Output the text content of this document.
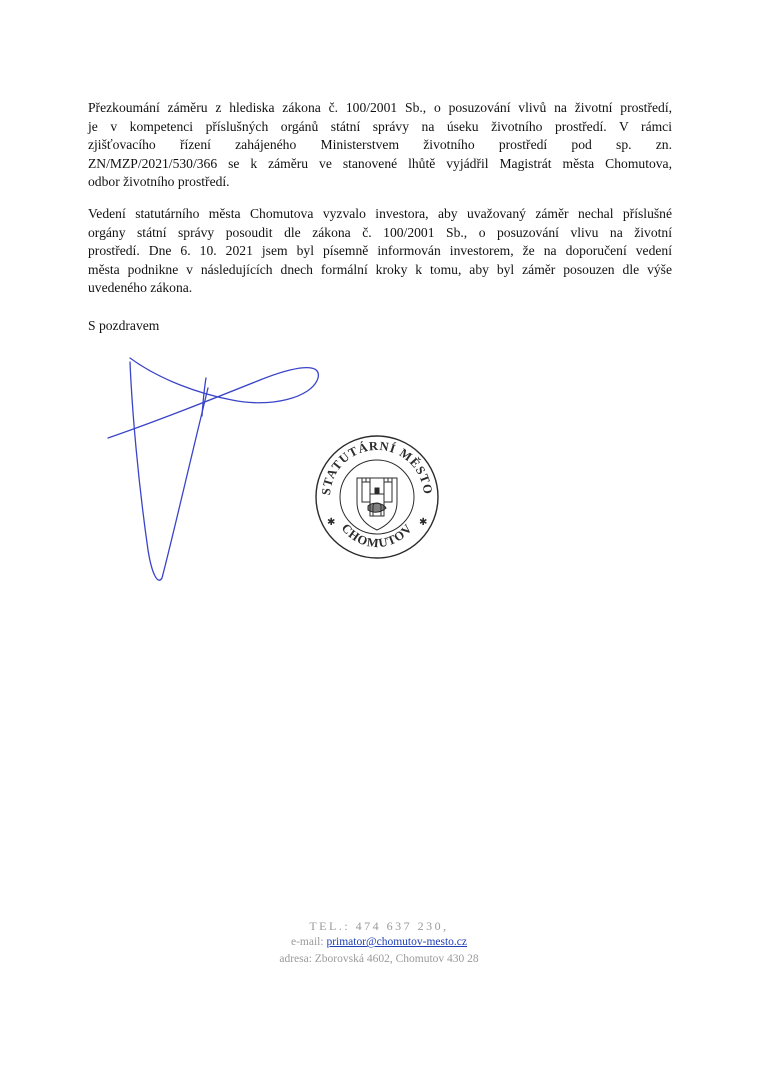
Přezkoumání záměru z hlediska zákona č. 100/2001 Sb., o posuzování vlivů na životní prostředí,
je v kompetenci příslušných orgánů státní správy na úseku životního prostředí. V rámci
zjišťovacího řízení zahájeného Ministerstvem životního prostředí pod sp. zn.
ZN/MZP/2021/530/366 se k záměru ve stanovené lhůtě vyjádřil Magistrát města Chomutova,
odbor životního prostředí.

Vedení statutárního města Chomutova vyzvalo investora, aby uvažovaný záměr nechal příslušné
orgány státní správy posoudit dle zákona č. 100/2001 Sb., o posuzování vlivu na životní
prostředí. Dne 6. 10. 2021 jsem byl písemně informován investorem, že na doporučení vedení
města podnikne v následujících dnech formální kroky k tomu, aby byl záměr posouzen dle výše
uvedeného zákona.

S pozdravem

STATUTÁRNÍ MĚSTO
CHOMUTOV
✱	✱

TEL.: 474 637 230,

e-mail: primator@chomutov-mesto.cz

adresa: Zborovská 4602, Chomutov 430 28
